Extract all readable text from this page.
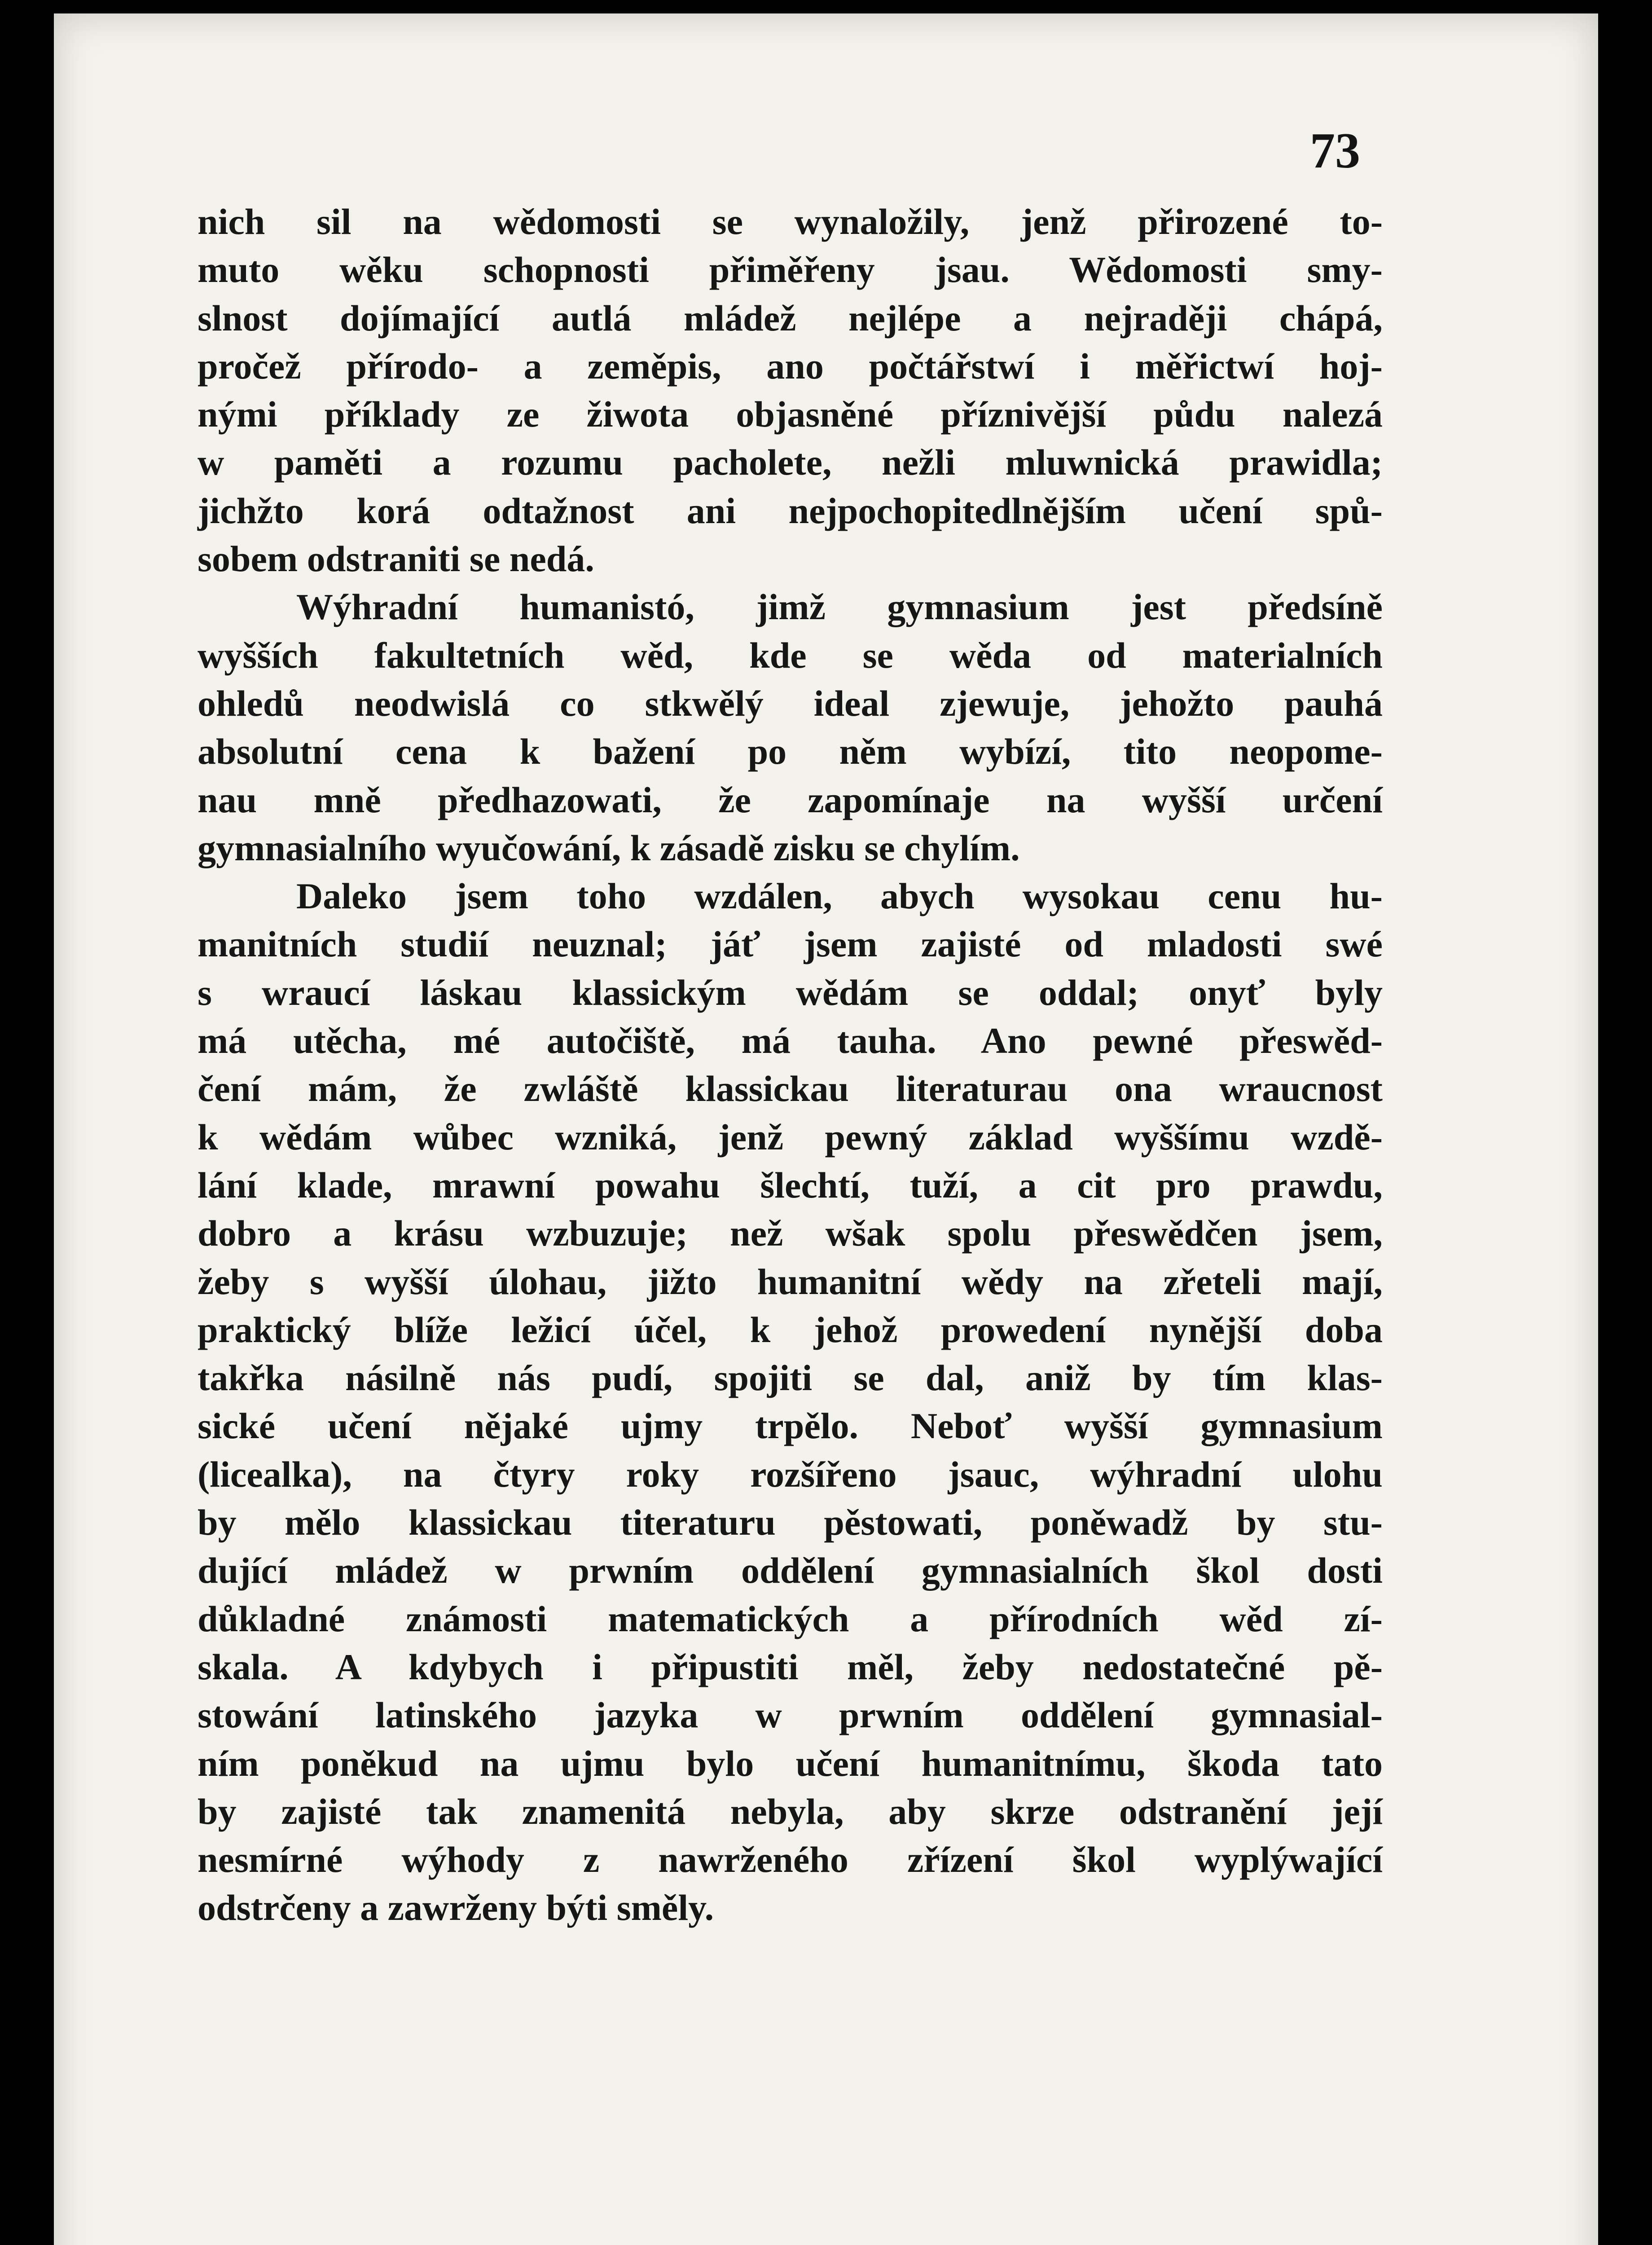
73

nich sil na wědomosti se wynaložily, jenž přirozené to-
muto wěku schopnosti přiměřeny jsau. Wědomosti smy-
slnost dojímající autlá mládež nejlépe a nejraději chápá,
pročež přírodo- a zeměpis, ano počtářstwí i měřictwí hoj-
nými příklady ze žiwota objasněné příznivější půdu nalezá
w paměti a rozumu pacholete, nežli mluwnická prawidla;
jichžto korá odtažnost ani nejpochopitedlnějším učení spů-
sobem odstraniti se nedá.
Wýhradní humanistó, jimž gymnasium jest předsíně
wyšších fakultetních wěd, kde se wěda od materialních
ohledů neodwislá co stkwělý ideal zjewuje, jehožto pauhá
absolutní cena k bažení po něm wybízí, tito neopome-
nau mně předhazowati, že zapomínaje na wyšší určení
gymnasialního wyučowání, k zásadě zisku se chylím.
Daleko jsem toho wzdálen, abych wysokau cenu hu-
manitních studií neuznal; jáť jsem zajisté od mladosti swé
s wraucí láskau klassickým wědám se oddal; onyť byly
má utěcha, mé autočiště, má tauha. Ano pewné přeswěd-
čení mám, že zwláště klassickau literaturau ona wraucnost
k wědám wůbec wzniká, jenž pewný základ wyššímu wzdě-
lání klade, mrawní powahu šlechtí, tuží, a cit pro prawdu,
dobro a krásu wzbuzuje; než wšak spolu přeswědčen jsem,
žeby s wyšší úlohau, jižto humanitní wědy na zřeteli mají,
praktický blíže ležicí účel, k jehož prowedení nynější doba
takřka násilně nás pudí, spojiti se dal, aniž by tím klas-
sické učení nějaké ujmy trpělo. Neboť wyšší gymnasium
(licealka), na čtyry roky rozšířeno jsauc, wýhradní ulohu
by mělo klassickau titeraturu pěstowati, poněwadž by stu-
dující mládež w prwním oddělení gymnasialních škol dosti
důkladné známosti matematických a přírodních wěd zí-
skala. A kdybych i připustiti měl, žeby nedostatečné pě-
stowání latinského jazyka w prwním oddělení gymnasial-
ním poněkud na ujmu bylo učení humanitnímu, škoda tato
by zajisté tak znamenitá nebyla, aby skrze odstranění její
nesmírné wýhody z nawrženého zřízení škol wyplýwající
odstrčeny a zawrženy býti směly.
